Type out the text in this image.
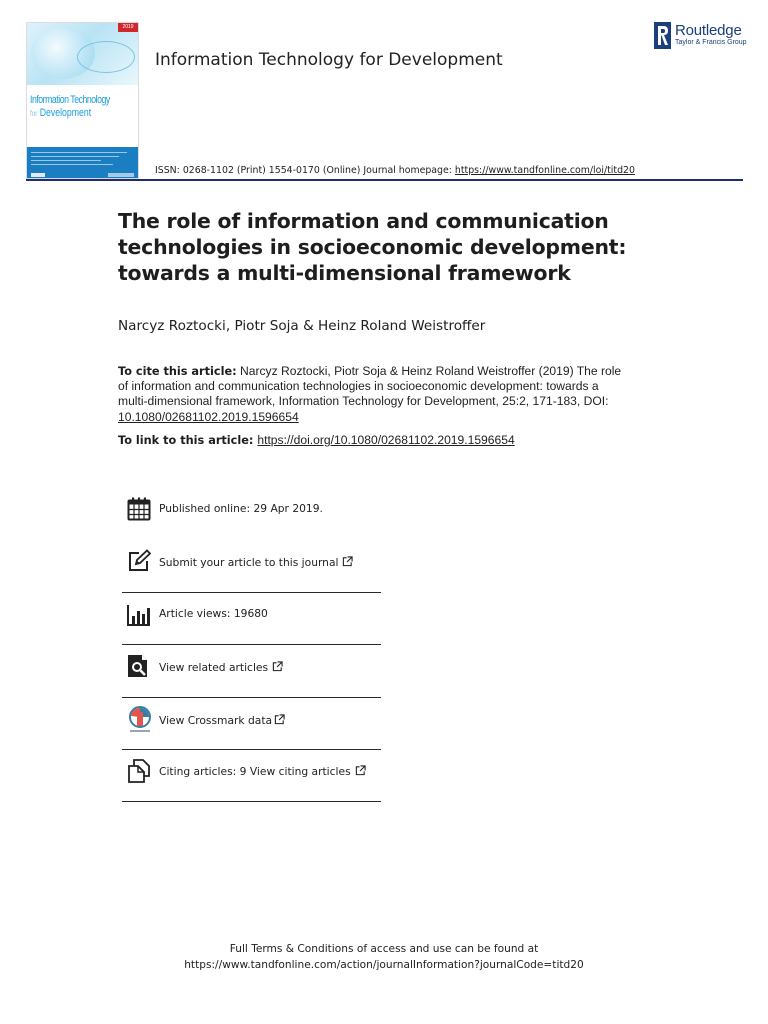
2019
Information Technology
for Development
Information Technology for Development
Routledge
Taylor & Francis Group
ISSN: 0268-1102 (Print) 1554-0170 (Online) Journal homepage: https://www.tandfonline.com/loi/titd20
The role of information and communication technologies in socioeconomic development: towards a multi-dimensional framework
Narcyz Roztocki, Piotr Soja & Heinz Roland Weistroffer
To cite this article: Narcyz Roztocki, Piotr Soja & Heinz Roland Weistroffer (2019) The role of information and communication technologies in socioeconomic development: towards a multi-dimensional framework, Information Technology for Development, 25:2, 171-183, DOI: 10.1080/02681102.2019.1596654
To link to this article: https://doi.org/10.1080/02681102.2019.1596654
Published online: 29 Apr 2019.
Submit your article to this journal
Article views: 19680
View related articles
View Crossmark data
Citing articles: 9 View citing articles
Full Terms & Conditions of access and use can be found at
https://www.tandfonline.com/action/journalInformation?journalCode=titd20
